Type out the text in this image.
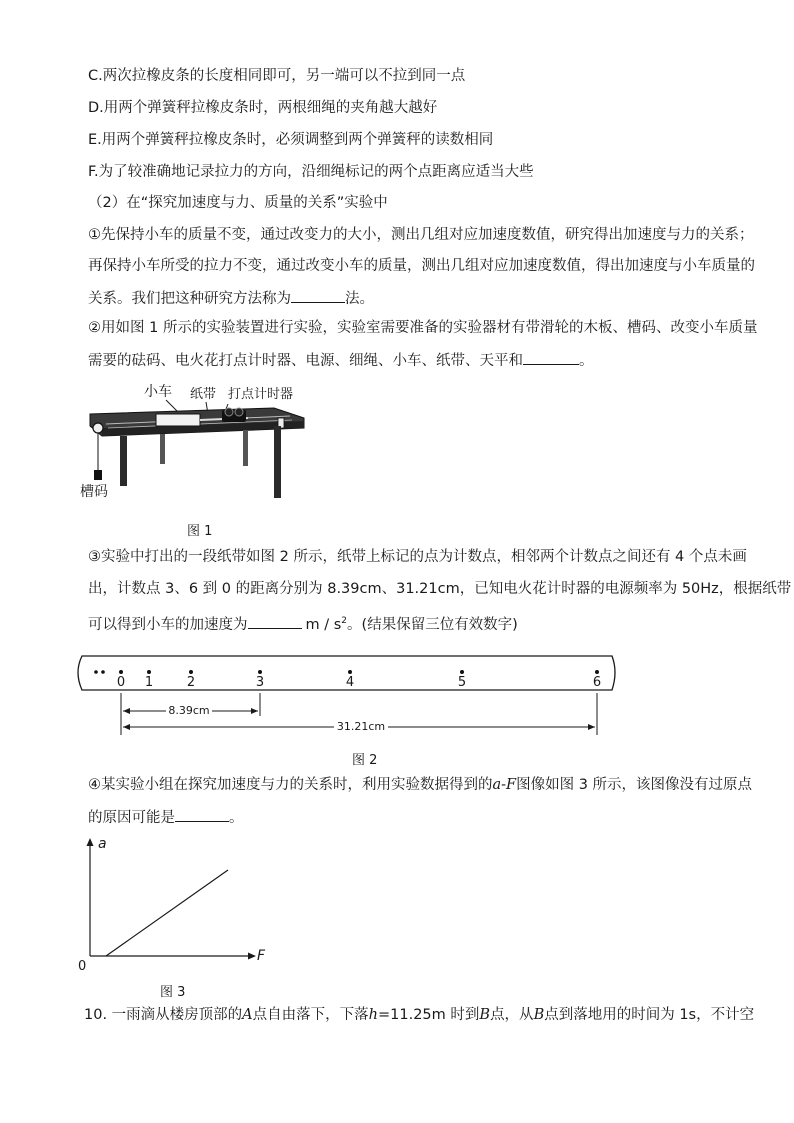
C.两次拉橡皮条的长度相同即可，另一端可以不拉到同一点
D.用两个弹簧秤拉橡皮条时，两根细绳的夹角越大越好
E.用两个弹簧秤拉橡皮条时，必须调整到两个弹簧秤的读数相同
F.为了较准确地记录拉力的方向，沿细绳标记的两个点距离应适当大些
（2）在“探究加速度与力、质量的关系”实验中
①先保持小车的质量不变，通过改变力的大小，测出几组对应加速度数值，研究得出加速度与力的关系；
再保持小车所受的拉力不变，通过改变小车的质量，测出几组对应加速度数值，得出加速度与小车质量的
关系。我们把这种研究方法称为	法。
②用如图 1 所示的实验装置进行实验，实验室需要准备的实验器材有带滑轮的木板、槽码、改变小车质量
需要的砝码、电火花打点计时器、电源、细绳、小车、纸带、天平和	。
小车 纸带 打点计时器
槽码
图 1
③实验中打出的一段纸带如图 2 所示，纸带上标记的点为计数点，相邻两个计数点之间还有 4 个点未画
出，计数点 3、6 到 0 的距离分别为 8.39cm、31.21cm，已知电火花计时器的电源频率为 50Hz，根据纸带
可以得到小车的加速度为	m / $s^2$。(结果保留三位有效数字)
0 1	2	3	4	5	6
8.39cm
31.21cm
图 2
④某实验小组在探究加速度与力的关系时，利用实验数据得到的a-F图像如图 3 所示，该图像没有过原点
的原因可能是	。
a
F
0
图 3
10. 一雨滴从楼房顶部的A点自由落下，下落h=11.25m 时到B点，从B点到落地用的时间为 1s，不计空
